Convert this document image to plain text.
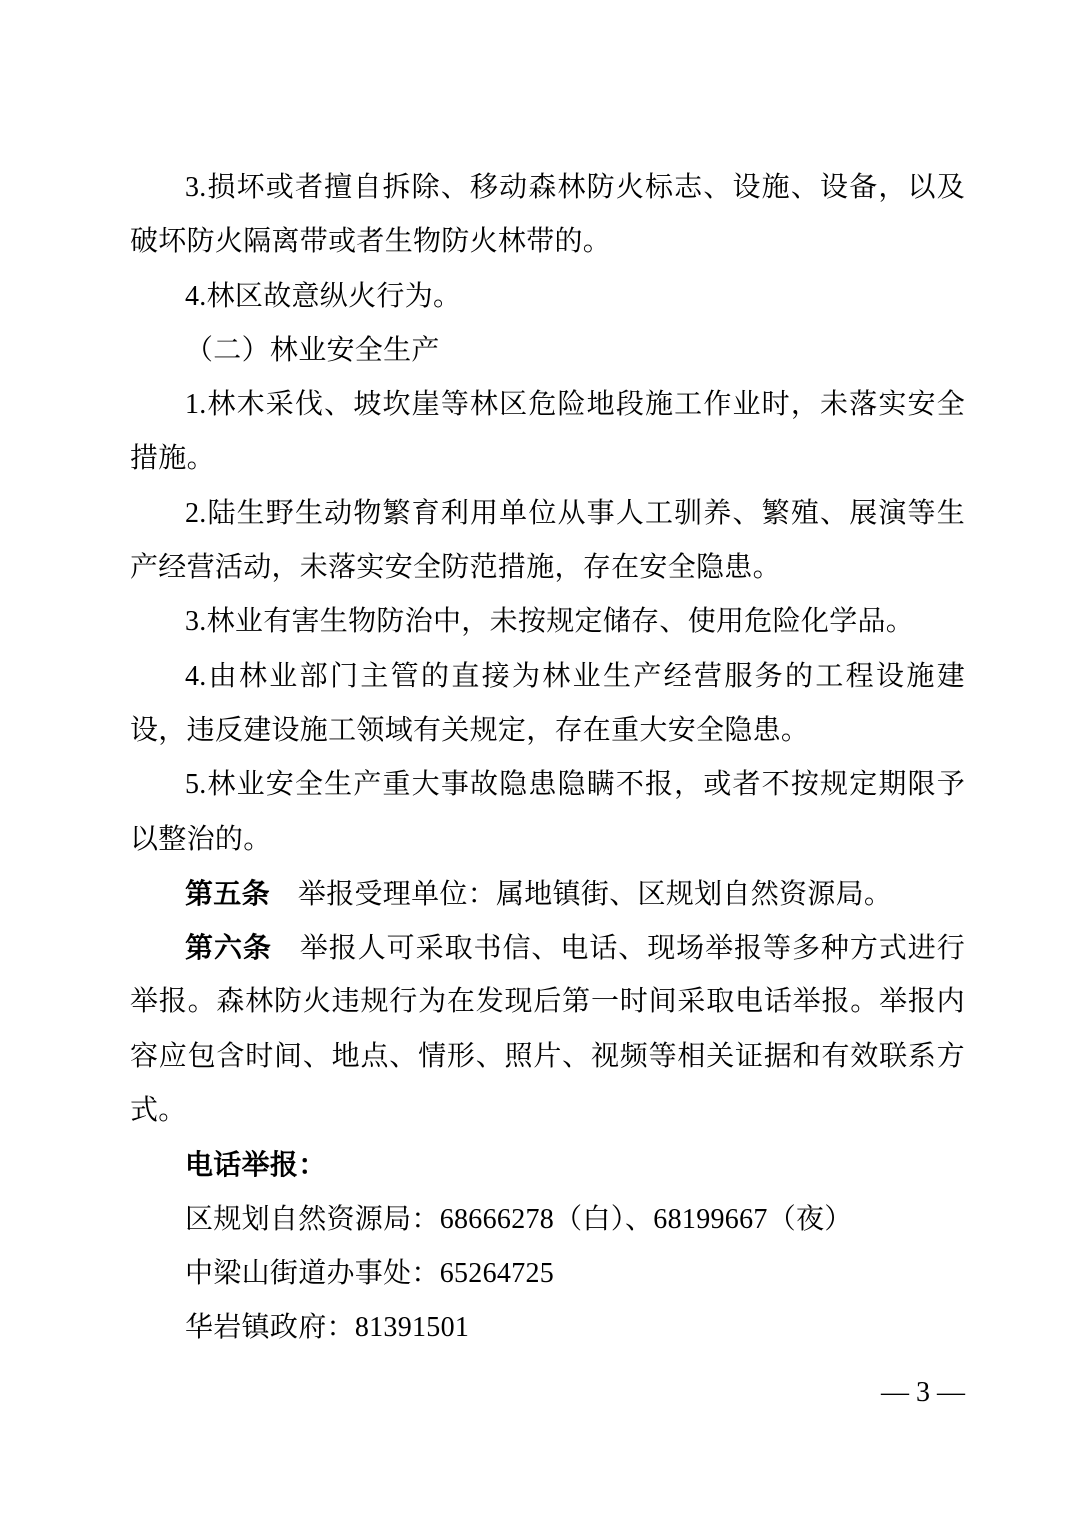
3.损坏或者擅自拆除、移动森林防火标志、设施、设备，以及
破坏防火隔离带或者生物防火林带的。
4.林区故意纵火行为。
（二）林业安全生产
1.林木采伐、坡坎崖等林区危险地段施工作业时，未落实安全
措施。
2.陆生野生动物繁育利用单位从事人工驯养、繁殖、展演等生
产经营活动，未落实安全防范措施，存在安全隐患。
3.林业有害生物防治中，未按规定储存、使用危险化学品。
4.由林业部门主管的直接为林业生产经营服务的工程设施建
设，违反建设施工领域有关规定，存在重大安全隐患。
5.林业安全生产重大事故隐患隐瞒不报，或者不按规定期限予
以整治的。
第五条 举报受理单位：属地镇街、区规划自然资源局。
第六条 举报人可采取书信、电话、现场举报等多种方式进行
举报。森林防火违规行为在发现后第一时间采取电话举报。举报内
容应包含时间、地点、情形、照片、视频等相关证据和有效联系方
式。
电话举报：
区规划自然资源局：68666278（白）、68199667（夜）
中梁山街道办事处：65264725
华岩镇政府：81391501
— 3 —
